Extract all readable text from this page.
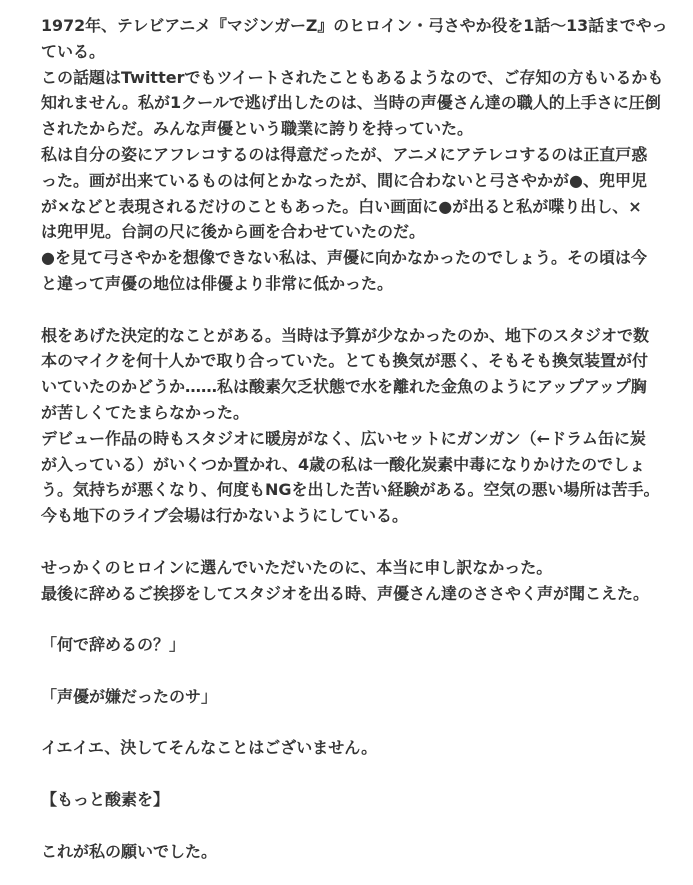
1972年、テレビアニメ『マジンガーZ』のヒロイン・弓さやか役を1話〜13話までやっ
ている。
この話題はTwitterでもツイートされたこともあるようなので、ご存知の方もいるかも
知れません。私が1クールで逃げ出したのは、当時の声優さん達の職人的上手さに圧倒
されたからだ。みんな声優という職業に誇りを持っていた。
私は自分の姿にアフレコするのは得意だったが、アニメにアテレコするのは正直戸惑
った。画が出来ているものは何とかなったが、間に合わないと弓さやかが●、兜甲児
が×などと表現されるだけのこともあった。白い画面に●が出ると私が喋り出し、×
は兜甲児。台詞の尺に後から画を合わせていたのだ。
●を見て弓さやかを想像できない私は、声優に向かなかったのでしょう。その頃は今
と違って声優の地位は俳優より非常に低かった。
根をあげた決定的なことがある。当時は予算が少なかったのか、地下のスタジオで数
本のマイクを何十人かで取り合っていた。とても換気が悪く、そもそも換気装置が付
いていたのかどうか……私は酸素欠乏状態で水を離れた金魚のようにアップアップ胸
が苦しくてたまらなかった。
デビュー作品の時もスタジオに暖房がなく、広いセットにガンガン（←ドラム缶に炭
が入っている）がいくつか置かれ、4歳の私は一酸化炭素中毒になりかけたのでしょ
う。気持ちが悪くなり、何度もNGを出した苦い経験がある。空気の悪い場所は苦手。
今も地下のライブ会場は行かないようにしている。
せっかくのヒロインに選んでいただいたのに、本当に申し訳なかった。
最後に辞めるご挨拶をしてスタジオを出る時、声優さん達のささやく声が聞こえた。
「何で辞めるの？」
「声優が嫌だったのサ」
イエイエ、決してそんなことはございません。
【もっと酸素を】
これが私の願いでした。
